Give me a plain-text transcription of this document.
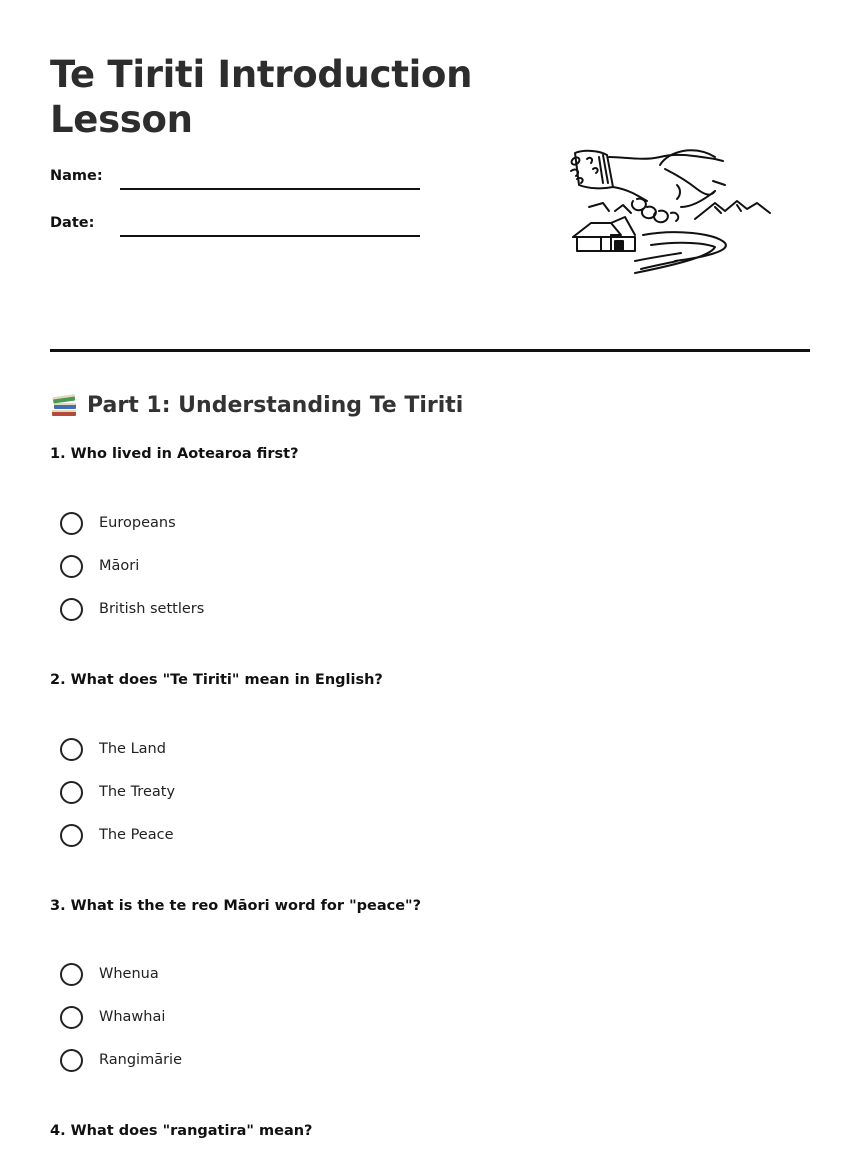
Te Tiriti Introduction Lesson
Name:
Date:
Part 1: Understanding Te Tiriti
1. Who lived in Aotearoa first?
Europeans
Māori
British settlers
2. What does "Te Tiriti" mean in English?
The Land
The Treaty
The Peace
3. What is the te reo Māori word for "peace"?
Whenua
Whawhai
Rangimārie
4. What does "rangatira" mean?
